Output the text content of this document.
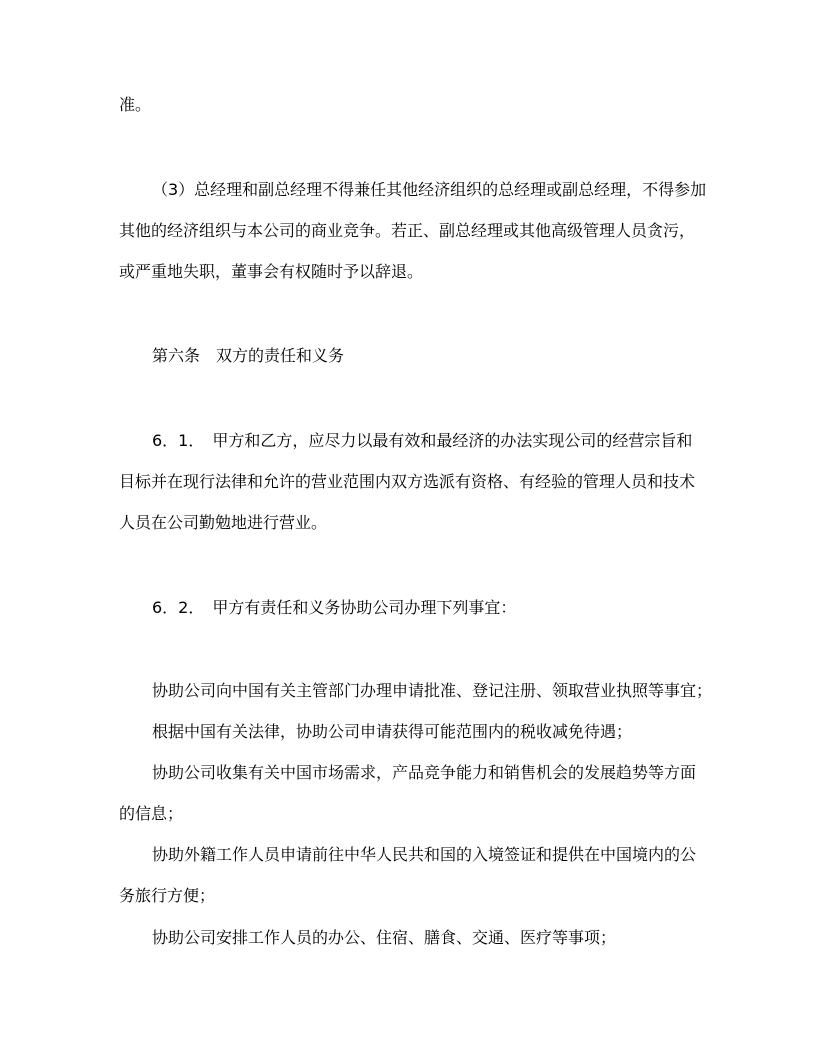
准。
（3）总经理和副总经理不得兼任其他经济组织的总经理或副总经理，不得参加
其他的经济组织与本公司的商业竞争。若正、副总经理或其他高级管理人员贪污，
或严重地失职，董事会有权随时予以辞退。
第六条　双方的责任和义务
6．1．　甲方和乙方，应尽力以最有效和最经济的办法实现公司的经营宗旨和
目标并在现行法律和允许的营业范围内双方选派有资格、有经验的管理人员和技术
人员在公司勤勉地进行营业。
6．2．　甲方有责任和义务协助公司办理下列事宜：
协助公司向中国有关主管部门办理申请批准、登记注册、领取营业执照等事宜；
根据中国有关法律，协助公司申请获得可能范围内的税收减免待遇；
协助公司收集有关中国市场需求，产品竞争能力和销售机会的发展趋势等方面
的信息；
协助外籍工作人员申请前往中华人民共和国的入境签证和提供在中国境内的公
务旅行方便；
协助公司安排工作人员的办公、住宿、膳食、交通、医疗等事项；
